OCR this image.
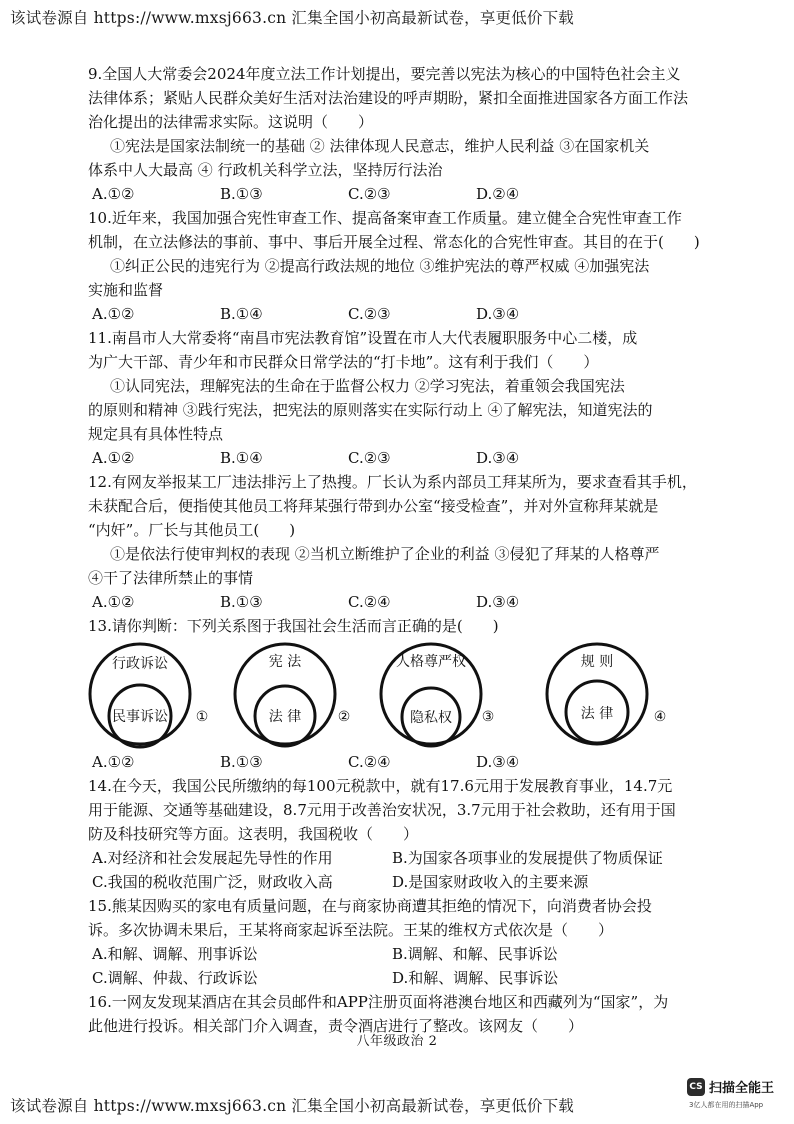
该试卷源自 https://www.mxsj663.cn 汇集全国小初高最新试卷，享更低价下载
9.全国人大常委会2024年度立法工作计划提出，要完善以宪法为核心的中国特色社会主义
法律体系；紧贴人民群众美好生活对法治建设的呼声期盼，紧扣全面推进国家各方面工作法
治化提出的法律需求实际。这说明（　　）
①宪法是国家法制统一的基础 ② 法律体现人民意志，维护人民利益 ③在国家机关
体系中人大最高 ④ 行政机关科学立法，坚持厉行法治
A.①②	B.①③	C.②③	D.②④
10.近年来，我国加强合宪性审查工作、提高备案审查工作质量。建立健全合宪性审查工作
机制，在立法修法的事前、事中、事后开展全过程、常态化的合宪性审查。其目的在于(　　)
①纠正公民的违宪行为 ②提高行政法规的地位 ③维护宪法的尊严权威 ④加强宪法
实施和监督
A.①②	B.①④	C.②③	D.③④
11.南昌市人大常委将“南昌市宪法教育馆”设置在市人大代表履职服务中心二楼，成
为广大干部、青少年和市民群众日常学法的“打卡地”。这有利于我们（　　）
①认同宪法，理解宪法的生命在于监督公权力 ②学习宪法，着重领会我国宪法
的原则和精神 ③践行宪法，把宪法的原则落实在实际行动上 ④了解宪法，知道宪法的
规定具有具体性特点
A.①②	B.①④	C.②③	D.③④
12.有网友举报某工厂违法排污上了热搜。厂长认为系内部员工拜某所为，要求查看其手机，
未获配合后，便指使其他员工将拜某强行带到办公室“接受检查”，并对外宣称拜某就是
“内奸”。厂长与其他员工(　　)
①是依法行使审判权的表现 ②当机立断维护了企业的利益 ③侵犯了拜某的人格尊严
④干了法律所禁止的事情
A.①②	B.①③	C.②④	D.③④
13.请你判断：下列关系图于我国社会生活而言正确的是(　　)
行政诉讼
民事诉讼 ①
宪 法
法 律	②
人格尊严权
隐私权 ③
规 则
法 律	④
A.①②	B.①③	C.②④	D.③④
14.在今天，我国公民所缴纳的每100元税款中，就有17.6元用于发展教育事业，14.7元
用于能源、交通等基础建设，8.7元用于改善治安状况，3.7元用于社会救助，还有用于国
防及科技研究等方面。这表明，我国税收（　　）
A.对经济和社会发展起先导性的作用	B.为国家各项事业的发展提供了物质保证
C.我国的税收范围广泛，财政收入高	D.是国家财政收入的主要来源
15.熊某因购买的家电有质量问题，在与商家协商遭其拒绝的情况下，向消费者协会投
诉。多次协调未果后，王某将商家起诉至法院。王某的维权方式依次是（　　）
A.和解、调解、刑事诉讼	B.调解、和解、民事诉讼
C.调解、仲裁、行政诉讼	D.和解、调解、民事诉讼
16.一网友发现某酒店在其会员邮件和APP注册页面将港澳台地区和西藏列为“国家”，为
此他进行投诉。相关部门介入调查，责令酒店进行了整改。该网友（　　）
八年级政治 2
该试卷源自 https://www.mxsj663.cn 汇集全国小初高最新试卷，享更低价下载
CS 扫描全能王
3亿人都在用的扫描App
